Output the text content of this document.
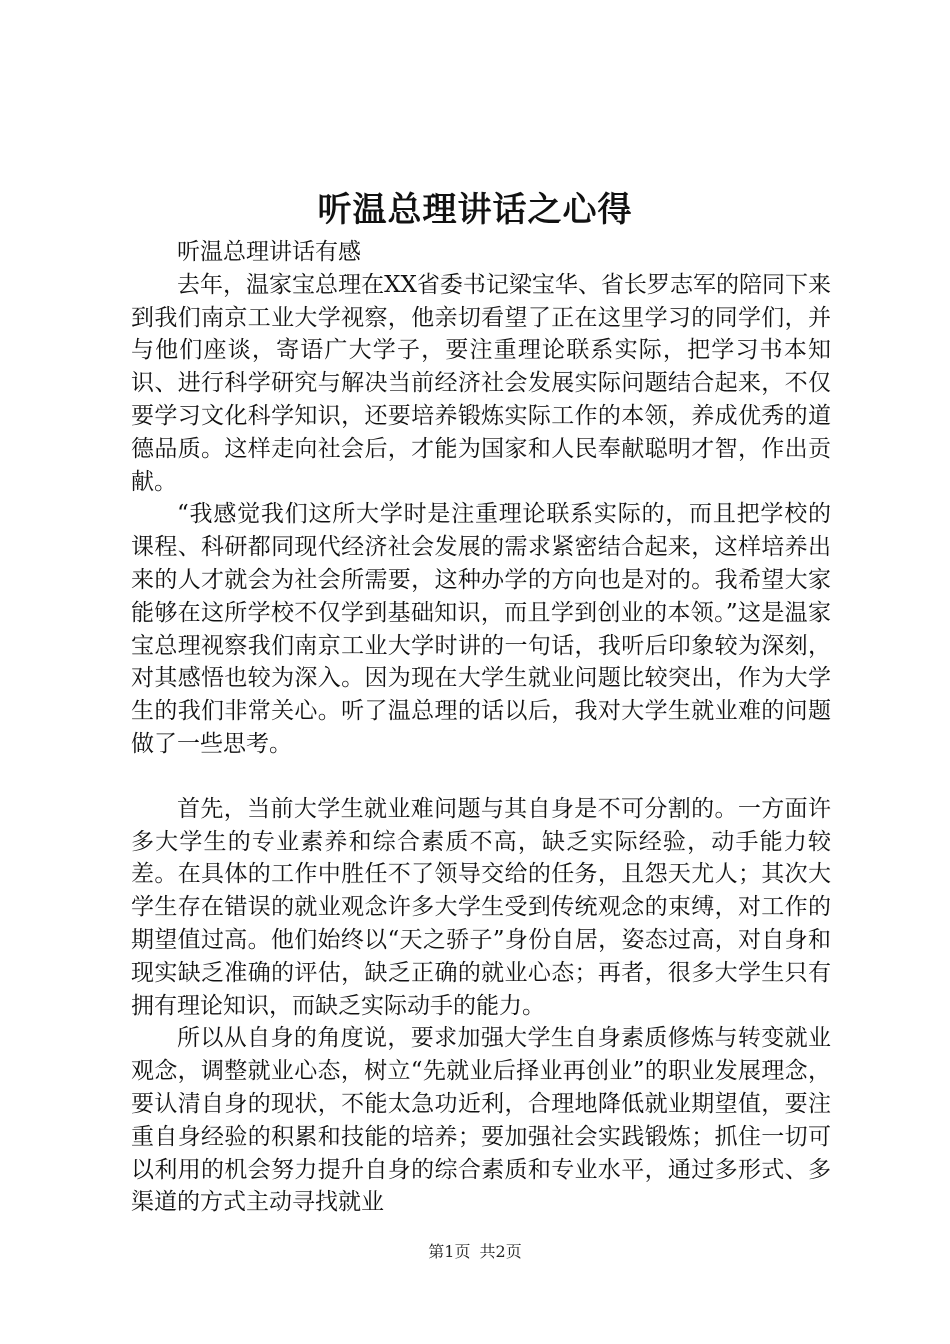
听温总理讲话之心得

听温总理讲话有感

去年，温家宝总理在XX省委书记梁宝华、省长罗志军的陪同下来到我们南京工业大学视察，他亲切看望了正在这里学习的同学们，并与他们座谈，寄语广大学子，要注重理论联系实际，把学习书本知识、进行科学研究与解决当前经济社会发展实际问题结合起来，不仅要学习文化科学知识，还要培养锻炼实际工作的本领，养成优秀的道德品质。这样走向社会后，才能为国家和人民奉献聪明才智，作出贡献。

“我感觉我们这所大学时是注重理论联系实际的，而且把学校的课程、科研都同现代经济社会发展的需求紧密结合起来，这样培养出来的人才就会为社会所需要，这种办学的方向也是对的。我希望大家能够在这所学校不仅学到基础知识，而且学到创业的本领。”这是温家宝总理视察我们南京工业大学时讲的一句话，我听后印象较为深刻，对其感悟也较为深入。因为现在大学生就业问题比较突出，作为大学生的我们非常关心。听了温总理的话以后，我对大学生就业难的问题做了一些思考。

首先，当前大学生就业难问题与其自身是不可分割的。一方面许多大学生的专业素养和综合素质不高，缺乏实际经验，动手能力较差。在具体的工作中胜任不了领导交给的任务，且怨天尤人；其次大学生存在错误的就业观念许多大学生受到传统观念的束缚，对工作的期望值过高。他们始终以“天之骄子”身份自居，姿态过高，对自身和现实缺乏准确的评估，缺乏正确的就业心态；再者，很多大学生只有拥有理论知识，而缺乏实际动手的能力。

所以从自身的角度说，要求加强大学生自身素质修炼与转变就业观念，调整就业心态，树立“先就业后择业再创业”的职业发展理念，要认清自身的现状，不能太急功近利，合理地降低就业期望值，要注重自身经验的积累和技能的培养；要加强社会实践锻炼；抓住一切可以利用的机会努力提升自身的综合素质和专业水平，通过多形式、多渠道的方式主动寻找就业

第1页 共2页
